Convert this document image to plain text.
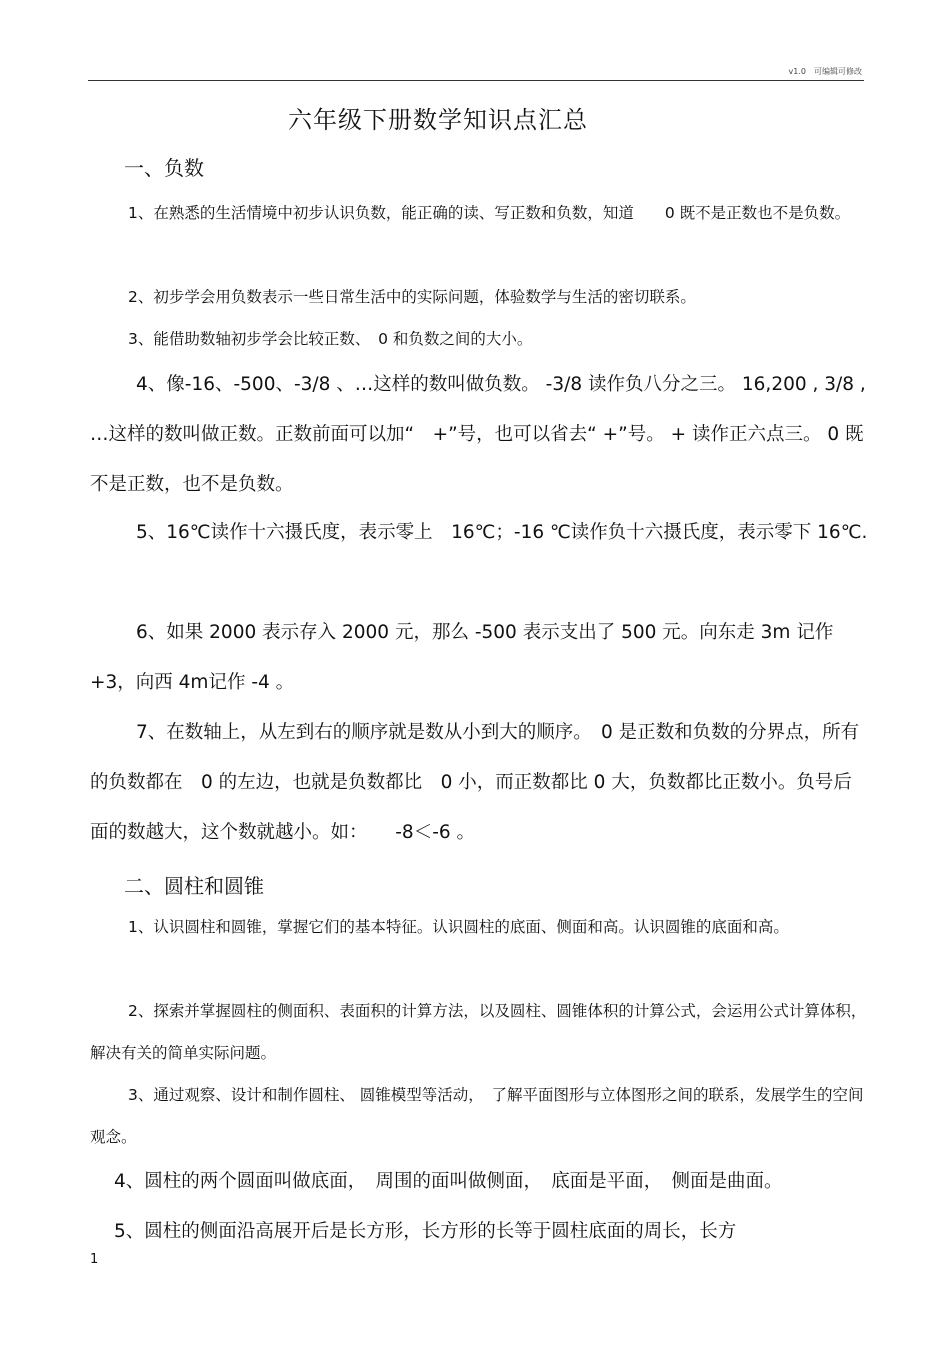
v1.0　可编辑可修改
六年级下册数学知识点汇总
一、负数

1、在熟悉的生活情境中初步认识负数，能正确的读、写正数和负数，知道　　0 既不是正数也不是负数。

2、初步学会用负数表示一些日常生活中的实际问题，体验数学与生活的密切联系。

3、能借助数轴初步学会比较正数、　0 和负数之间的大小。

4、像-16、-500、-3/8 、…这样的数叫做负数。 -3/8 读作负八分之三。 16,200 , 3/8 , …这样的数叫做正数。正数前面可以加“　+”号，也可以省去“ +”号。 + 读作正六点三。 0 既不是正数，也不是负数。

5、16℃读作十六摄氏度，表示零上　16℃；-16 ℃读作负十六摄氏度，表示零下 16℃.

6、如果 2000 表示存入 2000 元，那么 -500 表示支出了 500 元。向东走 3m 记作 +3，向西 4m记作 -4 。

7、在数轴上，从左到右的顺序就是数从小到大的顺序。　0 是正数和负数的分界点，所有的负数都在　0 的左边，也就是负数都比　0 小，而正数都比 0 大，负数都比正数小。负号后面的数越大，这个数就越小。如：　　-8＜-6 。

二、圆柱和圆锥

1、认识圆柱和圆锥，掌握它们的基本特征。认识圆柱的底面、侧面和高。认识圆锥的底面和高。

2、探索并掌握圆柱的侧面积、表面积的计算方法，以及圆柱、圆锥体积的计算公式，会运用公式计算体积，解决有关的简单实际问题。

3、通过观察、设计和制作圆柱、 圆锥模型等活动，　了解平面图形与立体图形之间的联系，发展学生的空间观念。

4、圆柱的两个圆面叫做底面，　周围的面叫做侧面，　底面是平面，　侧面是曲面。

5、圆柱的侧面沿高展开后是长方形，长方形的长等于圆柱底面的周长，长方

1
